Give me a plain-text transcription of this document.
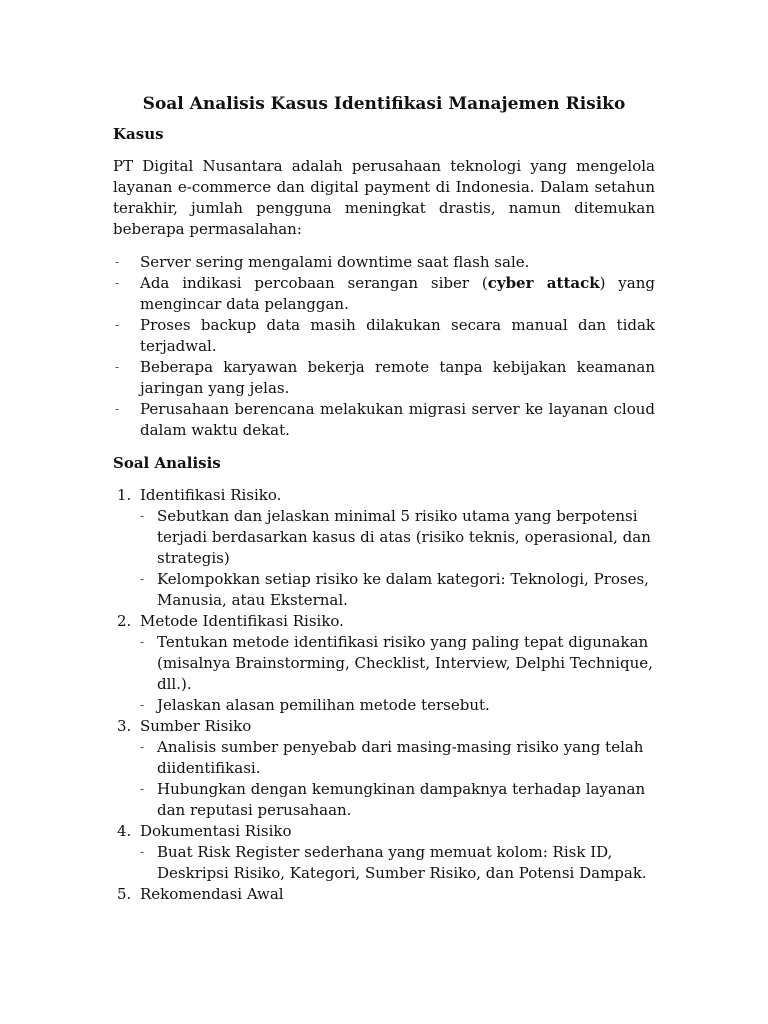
Soal Analisis Kasus Identifikasi Manajemen Risiko
Kasus

PT Digital Nusantara adalah perusahaan teknologi yang mengelola layanan e-commerce dan digital payment di Indonesia. Dalam setahun terakhir, jumlah pengguna meningkat drastis, namun ditemukan beberapa permasalahan:

- Server sering mengalami downtime saat flash sale.
- Ada indikasi percobaan serangan siber (cyber attack) yang mengincar data pelanggan.
- Proses backup data masih dilakukan secara manual dan tidak terjadwal.
- Beberapa karyawan bekerja remote tanpa kebijakan keamanan jaringan yang jelas.
- Perusahaan berencana melakukan migrasi server ke layanan cloud dalam waktu dekat.
Soal Analisis
1. Identifikasi Risiko.
- Sebutkan dan jelaskan minimal 5 risiko utama yang berpotensi terjadi berdasarkan kasus di atas (risiko teknis, operasional, dan strategis)
- Kelompokkan setiap risiko ke dalam kategori: Teknologi, Proses, Manusia, atau Eksternal.
2. Metode Identifikasi Risiko.
- Tentukan metode identifikasi risiko yang paling tepat digunakan (misalnya Brainstorming, Checklist, Interview, Delphi Technique, dll.).
- Jelaskan alasan pemilihan metode tersebut.
3. Sumber Risiko
- Analisis sumber penyebab dari masing-masing risiko yang telah diidentifikasi.
- Hubungkan dengan kemungkinan dampaknya terhadap layanan dan reputasi perusahaan.
4. Dokumentasi Risiko
- Buat Risk Register sederhana yang memuat kolom: Risk ID, Deskripsi Risiko, Kategori, Sumber Risiko, dan Potensi Dampak.
5. Rekomendasi Awal
